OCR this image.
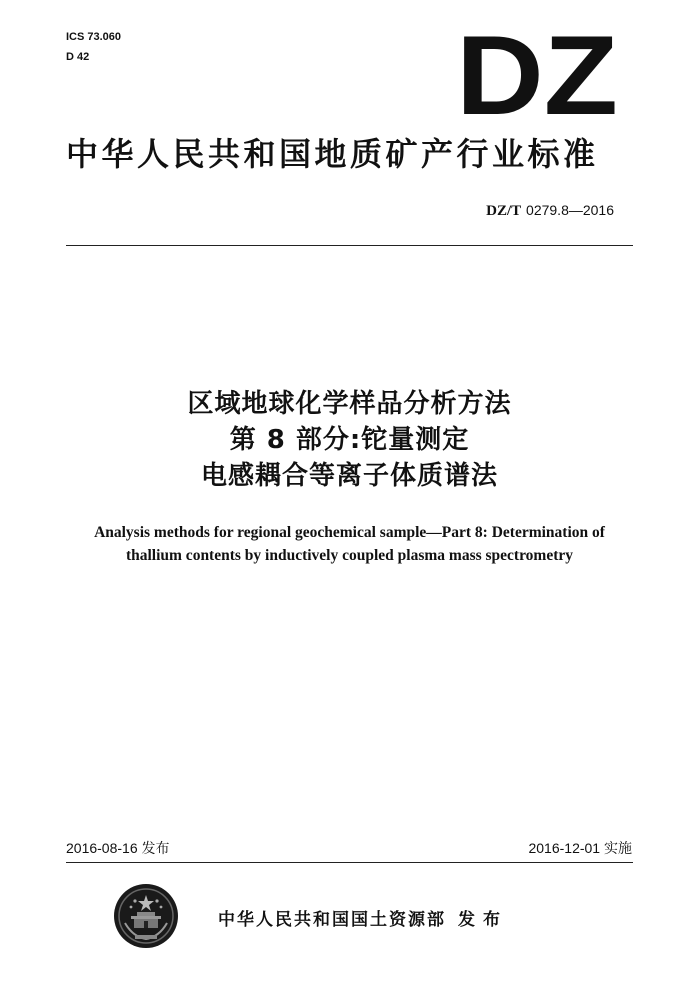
ICS 73.060
D 42	DZ
中华人民共和国地质矿产行业标准
DZ/T 0279.8—2016
区域地球化学样品分析方法
第 8 部分:铊量测定
电感耦合等离子体质谱法
Analysis methods for regional geochemical sample—Part 8: Determination of
thallium contents by inductively coupled plasma mass spectrometry
2016-08-16 发布	2016-12-01 实施
中华人民共和国国土资源部 发布
